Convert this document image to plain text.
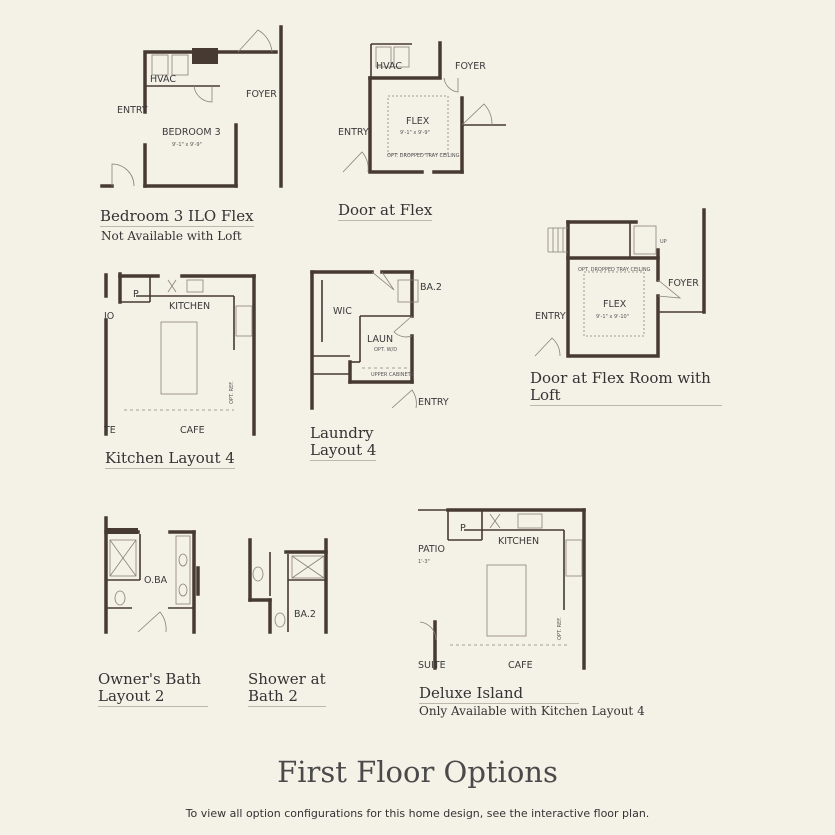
HVAC
ENTRY
FOYER
BEDROOM 3
9'-1" x 9'-9"
HVAC	FOYER
ENTRY
FLEX
9'-1" x 9'-9"
OPT. DROPPED TRAY CEILING
UP
OPT. DROPPED TRAY CEILING
FOYER
ENTRY
FLEX
9'-1" x 9'-10"
P
KITCHEN
IO
CAFE
TE
OPT. REF.
WIC
BA.2
LAUN
OPT. W/D
UPPER CABINETS
ENTRY
P
KITCHEN
PATIO
1'-3"
SUITE	CAFE
OPT. REF.
O.BA
BA.2
Bedroom 3 ILO Flex
Not Available with Loft
Door at Flex
Door at Flex Room with
Loft
Kitchen Layout 4
Laundry
Layout 4
Owner's Bath
Layout 2
Shower at
Bath 2	Deluxe Island
Only Available with Kitchen Layout 4
First Floor Options

To view all option configurations for this home design, see the interactive floor plan.
